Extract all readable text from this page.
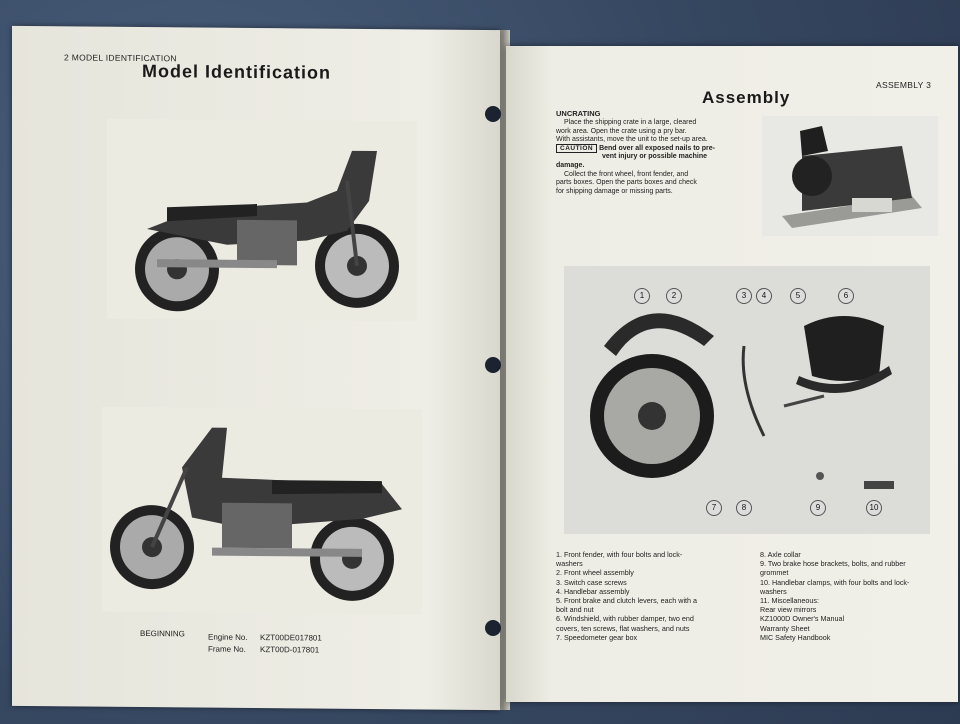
2 MODEL IDENTIFICATION
Model Identification
BEGINNING	Engine No. KZT00DE017801
Frame No. KZT00D-017801
ASSEMBLY 3
Assembly
UNCRATING
Place the shipping crate in a large, cleared
work area. Open the crate using a pry bar.
With assistants, move the unit to the set-up area.
CAUTION Bend over all exposed nails to pre-
vent injury or possible machine
damage.
Collect the front wheel, front fender, and
parts boxes. Open the parts boxes and check
for shipping damage or missing parts.
1	2	3	4	5	6
7	8	9	10
1. Front fender, with four bolts and lock-
washers
2. Front wheel assembly
3. Switch case screws
4. Handlebar assembly
5. Front brake and clutch levers, each with a
bolt and nut
6. Windshield, with rubber damper, two end
covers, ten screws, flat washers, and nuts
7. Speedometer gear box
8. Axle collar
9. Two brake hose brackets, bolts, and rubber
grommet
10. Handlebar clamps, with four bolts and lock-
washers
11. Miscellaneous:
Rear view mirrors
KZ1000D Owner's Manual
Warranty Sheet
MIC Safety Handbook
